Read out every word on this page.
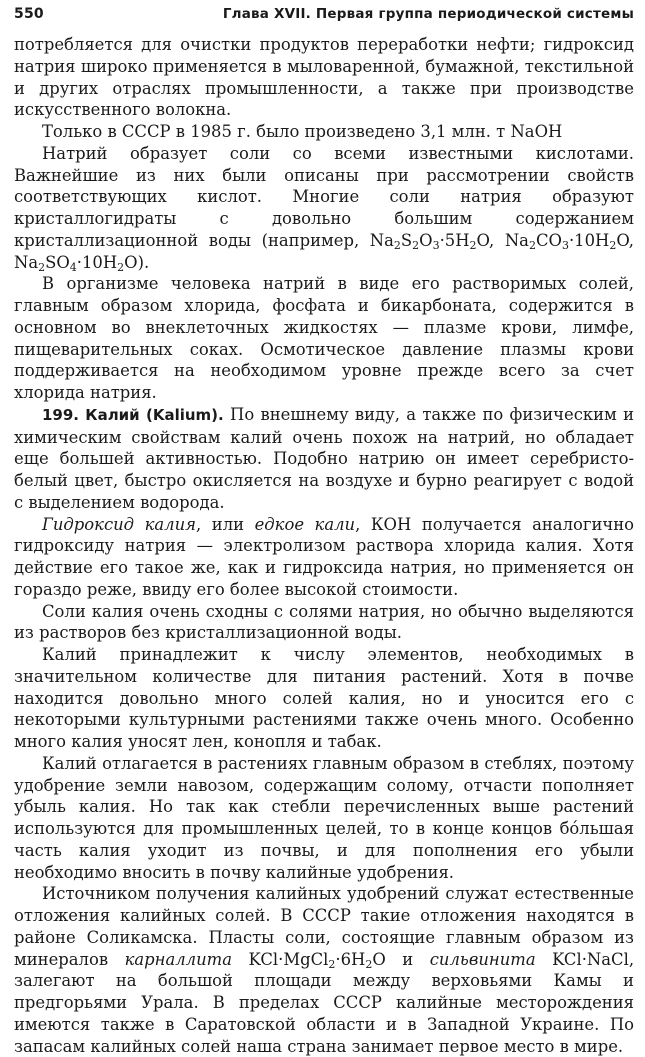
550	Глава XVII. Первая группа периодической системы

потребляется для очистки продуктов переработки нефти; гидроксид натрия широко применяется в мыловаренной, бумажной, текстильной и других отраслях промышленности, а также при производстве искусственного волокна.

Только в СССР в 1985 г. было произведено 3,1 млн. т NaOH

Натрий образует соли со всеми известными кислотами. Важнейшие из них были описаны при рассмотрении свойств соответствующих кислот. Многие соли натрия образуют кристаллогидраты с довольно большим содержанием кристаллизационной воды (например, $Na_2S_2O_3\cdot 5H_2O$, $Na_2CO_3\cdot 10H_2O$, $Na_2SO_4\cdot 10H_2O$).

В организме человека натрий в виде его растворимых солей, главным образом хлорида, фосфата и бикарбоната, содержится в основном во внеклеточных жидкостях — плазме крови, лимфе, пищеварительных соках. Осмотическое давление плазмы крови поддерживается на необходимом уровне прежде всего за счет хлорида натрия.

199. Калий (Kalium). По внешнему виду, а также по физическим и химическим свойствам калий очень похож на натрий, но обладает еще большей активностью. Подобно натрию он имеет серебристо-белый цвет, быстро окисляется на воздухе и бурно реагирует с водой с выделением водорода.

Гидроксид калия, или едкое кали, КОН получается аналогично гидроксиду натрия — электролизом раствора хлорида калия. Хотя действие его такое же, как и гидроксида натрия, но применяется он гораздо реже, ввиду его более высокой стоимости.

Соли калия очень сходны с солями натрия, но обычно выделяются из растворов без кристаллизационной воды.

Калий принадлежит к числу элементов, необходимых в значительном количестве для питания растений. Хотя в почве находится довольно много солей калия, но и уносится его с некоторыми культурными растениями также очень много. Особенно много калия уносят лен, конопля и табак.

Калий отлагается в растениях главным образом в стеблях, поэтому удобрение земли навозом, содержащим солому, отчасти пополняет убыль калия. Но так как стебли перечисленных выше растений используются для промышленных целей, то в конце концов бóльшая часть калия уходит из почвы, и для пополнения его убыли необходимо вносить в почву калийные удобрения.

Источником получения калийных удобрений служат естественные отложения калийных солей. В СССР такие отложения находятся в районе Соликамска. Пласты соли, состоящие главным образом из минералов карналлита $KCl\cdot MgCl_2\cdot 6H_2O$ и сильвинита KCl·NaCl, залегают на большой площади между верховьями Камы и предгорьями Урала. В пределах СССР калийные месторождения имеются также в Саратовской области и в Западной Украине. По запасам калийных солей наша страна занимает первое место в мире.
